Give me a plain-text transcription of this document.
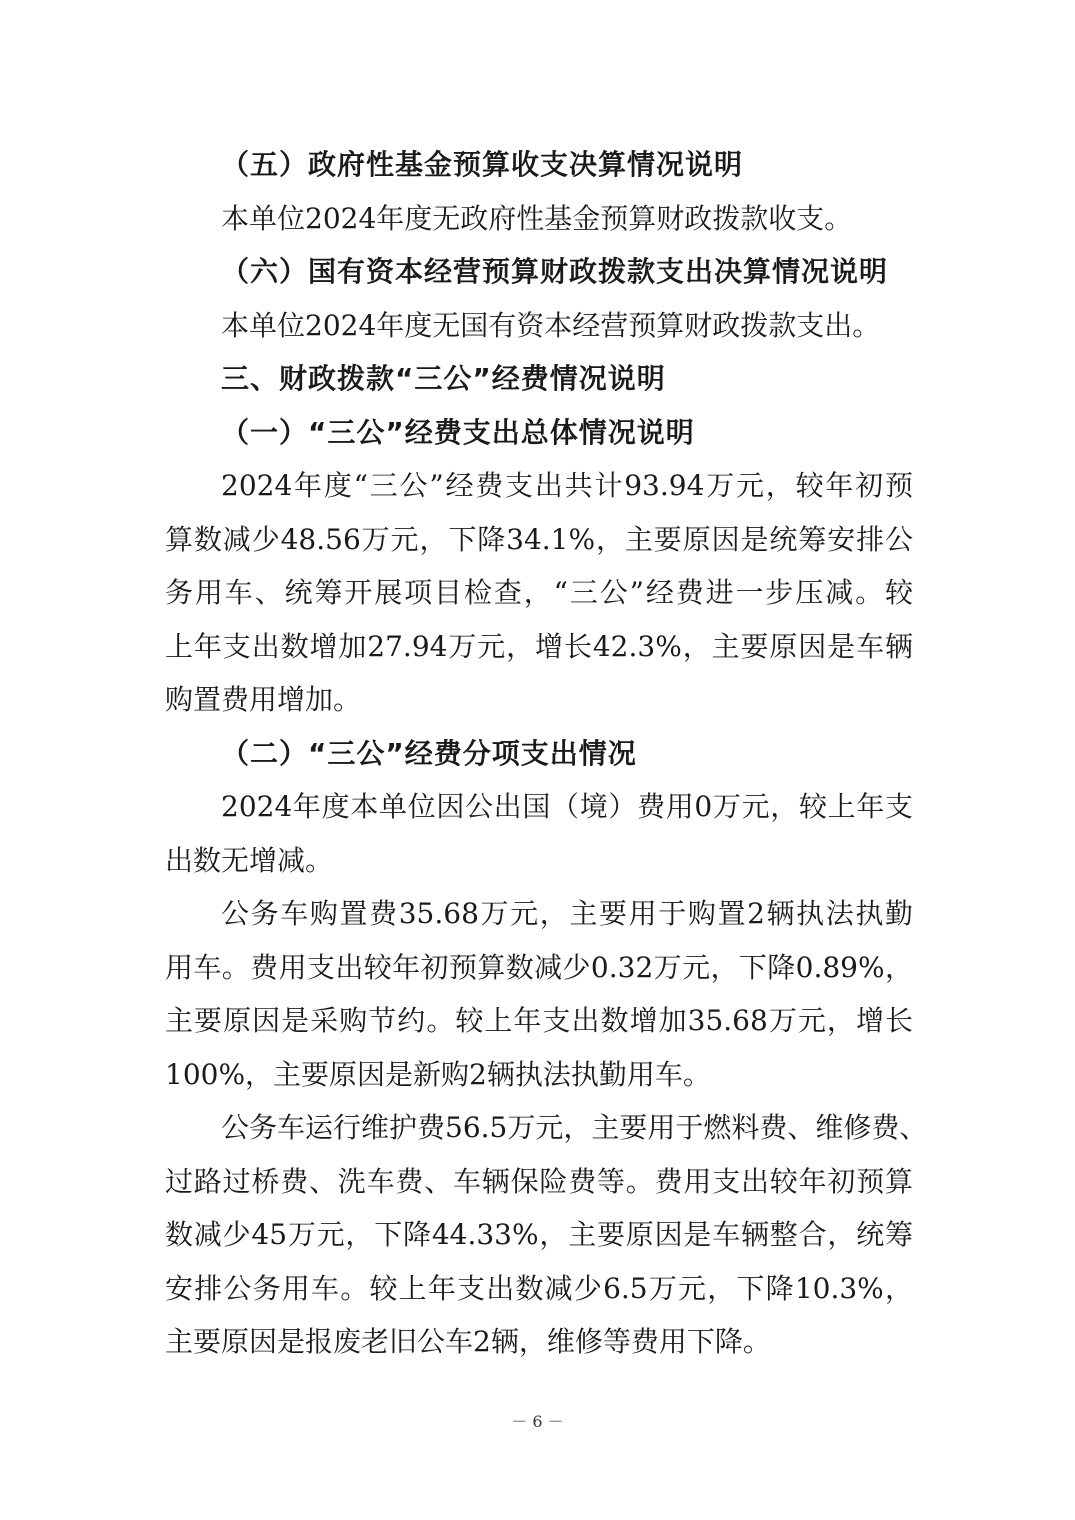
（五）政府性基金预算收支决算情况说明

本单位2024年度无政府性基金预算财政拨款收支。

（六）国有资本经营预算财政拨款支出决算情况说明

本单位2024年度无国有资本经营预算财政拨款支出。

三、财政拨款“三公”经费情况说明

（一）“三公”经费支出总体情况说明

2024年度“三公”经费支出共计93.94万元，较年初预

算数减少48.56万元，下降34.1%，主要原因是统筹安排公

务用车、统筹开展项目检查，“三公”经费进一步压减。较

上年支出数增加27.94万元，增长42.3%，主要原因是车辆

购置费用增加。

（二）“三公”经费分项支出情况

2024年度本单位因公出国（境）费用0万元，较上年支

出数无增减。

公务车购置费35.68万元，主要用于购置2辆执法执勤

用车。费用支出较年初预算数减少0.32万元，下降0.89%，

主要原因是采购节约。较上年支出数增加35.68万元，增长

100%，主要原因是新购2辆执法执勤用车。

公务车运行维护费56.5万元，主要用于燃料费、维修费、

过路过桥费、洗车费、车辆保险费等。费用支出较年初预算

数减少45万元，下降44.33%，主要原因是车辆整合，统筹

安排公务用车。较上年支出数减少6.5万元，下降10.3%，

主要原因是报废老旧公车2辆，维修等费用下降。

－ 6 －
